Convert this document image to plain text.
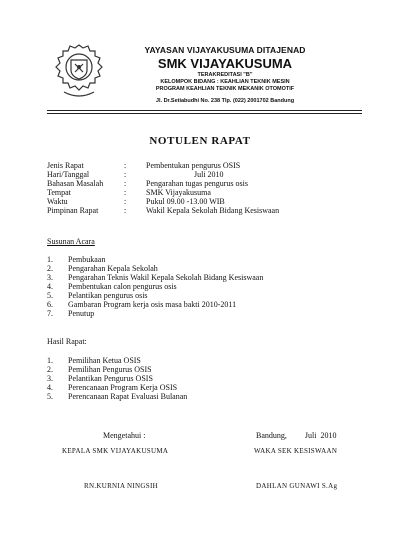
YAYASAN VIJAYAKUSUMA DITAJENAD
SMK VIJAYAKUSUMA
TERAKREDITASI "B"
KELOMPOK BIDANG : KEAHLIAN TEKNIK MESIN
PROGRAM KEAHLIAN TEKNIK MEKANIK OTOMOTIF
Jl. Dr.Setiabudhi No. 238 Tlp. (022) 2001702 Bandung
NOTULEN RAPAT
Jenis Rapat	: Pembentukan pengurus OSIS
Hari/Tanggal	:	Juli 2010
Bahasan Masalah	: Pengarahan tugas pengurus osis
Tempat	: SMK Vijayakusuma
Waktu	: Pukul 09.00 -13.00 WIB
Pimpinan Rapat	: Wakil Kepala Sekolah Bidang Kesiswaan
Susunan Acara
1. Pembukaan
2. Pengarahan Kepala Sekolah
3. Pengarahan Teknis Wakil Kepala Sekolah Bidang Kesiswaan
4. Pembentukan calon pengurus osis
5. Pelantikan pengurus osis
6. Gambaran Program kerja osis masa bakti 2010-2011
7. Penutup
Hasil Rapat:
1. Pemilihan Ketua OSIS
2. Pemilihan Pengurus OSIS
3. Pelantikan Pengurus OSIS
4. Perencanaan Program Kerja OSIS
5. Perencanaan Rapat Evaluasi Bulanan
Mengetahui :	Bandung,         Juli  2010
KEPALA SMK VIJAYAKUSUMA	WAKA SEK KESISWAAN
RN.KURNIA NINGSIH	DAHLAN GUNAWI S.Ag
